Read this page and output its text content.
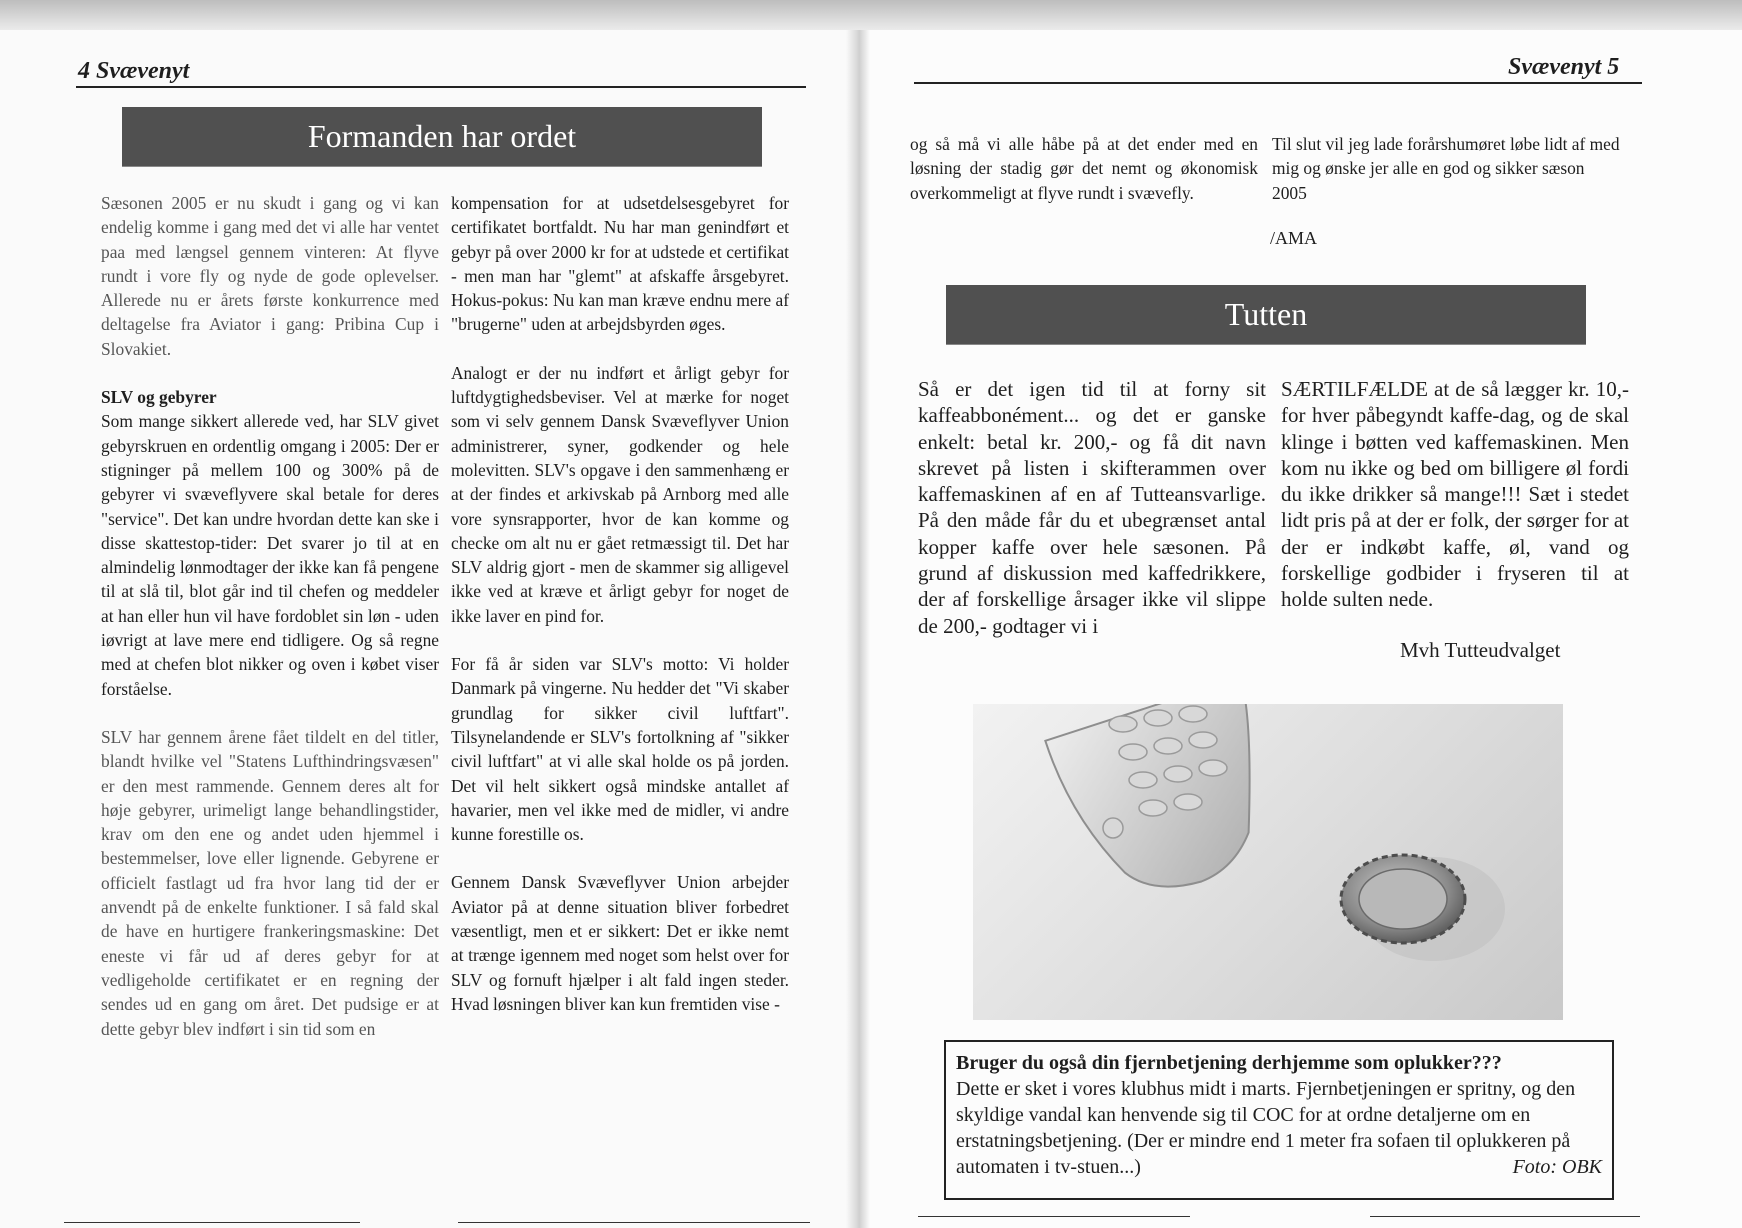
4 Svævenyt
Formanden har ordet

Sæsonen 2005 er nu skudt i gang og vi kan endelig komme i gang med det vi alle har ventet paa med længsel gennem vinteren: At flyve rundt i vore fly og nyde de gode oplevelser. Allerede nu er årets første konkurrence med deltagelse fra Aviator i gang: Pribina Cup i Slovakiet.

SLV og gebyrer

Som mange sikkert allerede ved, har SLV givet gebyrskruen en ordentlig omgang i 2005: Der er stigninger på mellem 100 og 300% på de gebyrer vi svæveflyvere skal betale for deres "service". Det kan undre hvordan dette kan ske i disse skattestop-tider: Det svarer jo til at en almindelig lønmodtager der ikke kan få pengene til at slå til, blot går ind til chefen og meddeler at han eller hun vil have fordoblet sin løn - uden iøvrigt at lave mere end tidligere. Og så regne med at chefen blot nikker og oven i købet viser forståelse.

SLV har gennem årene fået tildelt en del titler, blandt hvilke vel "Statens Lufthindringsvæsen" er den mest rammende. Gennem deres alt for høje gebyrer, urimeligt lange behandlingstider, krav om den ene og andet uden hjemmel i bestemmelser, love eller lignende. Gebyrene er officielt fastlagt ud fra hvor lang tid der er anvendt på de enkelte funktioner. I så fald skal de have en hurtigere frankeringsmaskine: Det eneste vi får ud af deres gebyr for at vedligeholde certifikatet er en regning der sendes ud en gang om året. Det pudsige er at dette gebyr blev indført i sin tid som en

kompensation for at udsetdelsesgebyret for certifikatet bortfaldt. Nu har man genindført et gebyr på over 2000 kr for at udstede et certifikat - men man har "glemt" at afskaffe årsgebyret. Hokus-pokus: Nu kan man kræve endnu mere af "brugerne" uden at arbejdsbyrden øges.

Analogt er der nu indført et årligt gebyr for luftdygtighedsbeviser. Vel at mærke for noget som vi selv gennem Dansk Svæveflyver Union administrerer, syner, godkender og hele molevitten. SLV's opgave i den sammenhæng er at der findes et arkivskab på Arnborg med alle vore synsrapporter, hvor de kan komme og checke om alt nu er gået retmæssigt til. Det har SLV aldrig gjort - men de skammer sig alligevel ikke ved at kræve et årligt gebyr for noget de ikke laver en pind for.

For få år siden var SLV's motto: Vi holder Danmark på vingerne. Nu hedder det "Vi skaber grundlag for sikker civil luftfart". Tilsynelandende er SLV's fortolkning af "sikker civil luftfart" at vi alle skal holde os på jorden. Det vil helt sikkert også mindske antallet af havarier, men vel ikke med de midler, vi andre kunne forestille os.

Gennem Dansk Svæveflyver Union arbejder Aviator på at denne situation bliver forbedret væsentligt, men et er sikkert: Det er ikke nemt at trænge igennem med noget som helst over for SLV og fornuft hjælper i alt fald ingen steder. Hvad løsningen bliver kan kun fremtiden vise -

Svævenyt 5
og så må vi alle håbe på at det ender med en løsning der stadig gør det nemt og økonomisk overkommeligt at flyve rundt i svævefly.
Til slut vil jeg lade forårshumøret løbe lidt af med mig og ønske jer alle en god og sikker sæson 2005
/AMA
Tutten
Så er det igen tid til at forny sit kaffeabbonément... og det er ganske enkelt: betal kr. 200,- og få dit navn skrevet på listen i skifterammen over kaffemaskinen af en af Tutteansvarlige. På den måde får du et ubegrænset antal kopper kaffe over hele sæsonen. På grund af diskussion med kaffedrikkere, der af forskellige årsager ikke vil slippe de 200,- godtager vi i
SÆRTILFÆLDE at de så lægger kr. 10,- for hver påbegyndt kaffe-dag, og de skal klinge i bøtten ved kaffemaskinen. Men kom nu ikke og bed om billigere øl fordi du ikke drikker så mange!!! Sæt i stedet lidt pris på at der er folk, der sørger for at der er indkøbt kaffe, øl, vand og forskellige godbider i fryseren til at holde sulten nede.
Mvh Tutteudvalget
Bruger du også din fjernbetjening derhjemme som oplukker???
Dette er sket i vores klubhus midt i marts. Fjernbetjeningen er spritny, og den skyldige vandal kan henvende sig til COC for at ordne detaljerne om en erstatningsbetjening. (Der er mindre end 1 meter fra sofaen til oplukkeren på automaten i tv-stuen...)	Foto: OBK
